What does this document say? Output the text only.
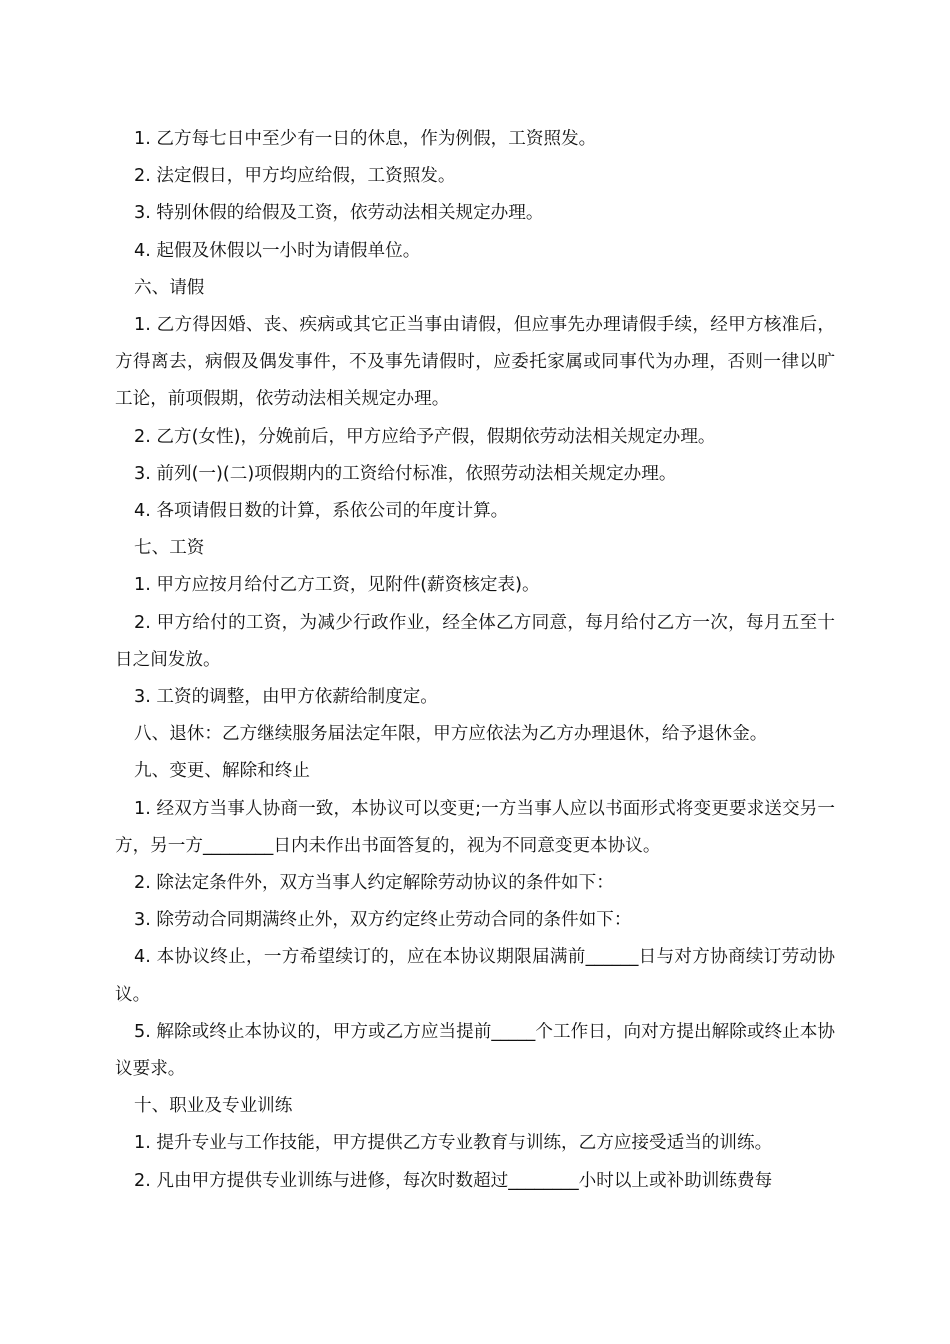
1. 乙方每七日中至少有一日的休息，作为例假，工资照发。

2. 法定假日，甲方均应给假，工资照发。

3. 特别休假的给假及工资，依劳动法相关规定办理。

4. 起假及休假以一小时为请假单位。

六、请假

1. 乙方得因婚、丧、疾病或其它正当事由请假，但应事先办理请假手续，经甲方核准后，方得离去，病假及偶发事件，不及事先请假时，应委托家属或同事代为办理，否则一律以旷工论，前项假期，依劳动法相关规定办理。

2. 乙方(女性)，分娩前后，甲方应给予产假，假期依劳动法相关规定办理。

3. 前列(一)(二)项假期内的工资给付标准，依照劳动法相关规定办理。

4. 各项请假日数的计算，系依公司的年度计算。

七、工资

1. 甲方应按月给付乙方工资，见附件(薪资核定表)。

2. 甲方给付的工资，为减少行政作业，经全体乙方同意，每月给付乙方一次，每月五至十日之间发放。

3. 工资的调整，由甲方依薪给制度定。

八、退休：乙方继续服务届法定年限，甲方应依法为乙方办理退休，给予退休金。

九、变更、解除和终止

1. 经双方当事人协商一致，本协议可以变更;一方当事人应以书面形式将变更要求送交另一方，另一方________日内未作出书面答复的，视为不同意变更本协议。

2. 除法定条件外，双方当事人约定解除劳动协议的条件如下：

3. 除劳动合同期满终止外，双方约定终止劳动合同的条件如下：

4. 本协议终止，一方希望续订的，应在本协议期限届满前______日与对方协商续订劳动协议。

5. 解除或终止本协议的，甲方或乙方应当提前_____个工作日，向对方提出解除或终止本协议要求。

十、职业及专业训练

1. 提升专业与工作技能，甲方提供乙方专业教育与训练，乙方应接受适当的训练。

2. 凡由甲方提供专业训练与进修，每次时数超过________小时以上或补助训练费每
